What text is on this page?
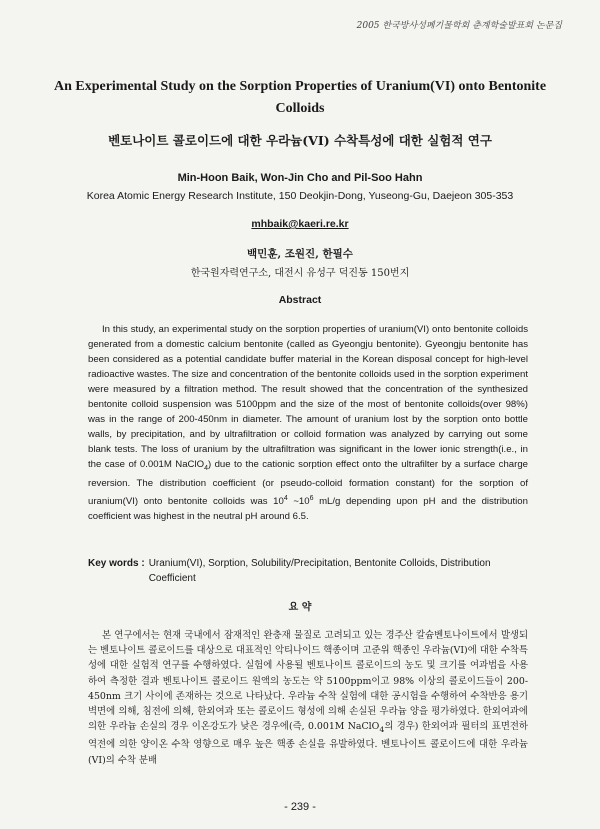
2005 한국방사성폐기물학회 춘계학술발표회 논문집
An Experimental Study on the Sorption Properties of Uranium(VI) onto Bentonite Colloids
벤토나이트 콜로이드에 대한 우라늄(VI) 수착특성에 대한 실험적 연구
Min-Hoon Baik, Won-Jin Cho and Pil-Soo Hahn
Korea Atomic Energy Research Institute, 150 Deokjin-Dong, Yuseong-Gu, Daejeon 305-353
mhbaik@kaeri.re.kr
백민훈, 조원진, 한필수
한국원자력연구소, 대전시 유성구 덕진동 150번지
Abstract
In this study, an experimental study on the sorption properties of uranium(VI) onto bentonite colloids generated from a domestic calcium bentonite (called as Gyeongju bentonite). Gyeongju bentonite has been considered as a potential candidate buffer material in the Korean disposal concept for high-level radioactive wastes. The size and concentration of the bentonite colloids used in the sorption experiment were measured by a filtration method. The result showed that the concentration of the synthesized bentonite colloid suspension was 5100ppm and the size of the most of bentonite colloids(over 98%) was in the range of 200-450nm in diameter. The amount of uranium lost by the sorption onto bottle walls, by precipitation, and by ultrafiltration or colloid formation was analyzed by carrying out some blank tests. The loss of uranium by the ultrafiltration was significant in the lower ionic strength(i.e., in the case of 0.001M NaClO$_4$) due to the cationic sorption effect onto the ultrafilter by a surface charge reversion. The distribution coefficient (or pseudo-colloid formation constant) for the sorption of uranium(VI) onto bentonite colloids was $10^4$ $\sim 10^6$ mL/g depending upon pH and the distribution coefficient was highest in the neutral pH around 6.5.
Key words : Uranium(VI), Sorption, Solubility/Precipitation, Bentonite Colloids, Distribution Coefficient
요 약
본 연구에서는 현재 국내에서 잠재적인 완충재 물질로 고려되고 있는 경주산 칼슘벤토나이트에서 발생되는 벤토나이트 콜로이드를 대상으로 대표적인 악티나이드 핵종이며 고준위 핵종인 우라늄(VI)에 대한 수착특성에 대한 실험적 연구를 수행하였다. 실험에 사용될 벤토나이트 콜로이드의 농도 및 크기를 여과법을 사용하여 측정한 결과 벤토나이트 콜로이드 원액의 농도는 약 5100ppm이고 98% 이상의 콜로이드들이 200-450nm 크기 사이에 존재하는 것으로 나타났다. 우라늄 수착 실험에 대한 공시험을 수행하여 수착반응 용기 벽면에 의해, 침전에 의해, 한외여과 또는 콜로이드 형성에 의해 손실된 우라늄 양을 평가하였다. 한외여과에 의한 우라늄 손실의 경우 이온강도가 낮은 경우에(즉, 0.001M NaClO$_4$의 경우) 한외여과 필터의 표면전하 역전에 의한 양이온 수착 영향으로 매우 높은 핵종 손실을 유발하였다. 벤토나이트 콜로이드에 대한 우라늄(VI)의 수착 분배
- 239 -
